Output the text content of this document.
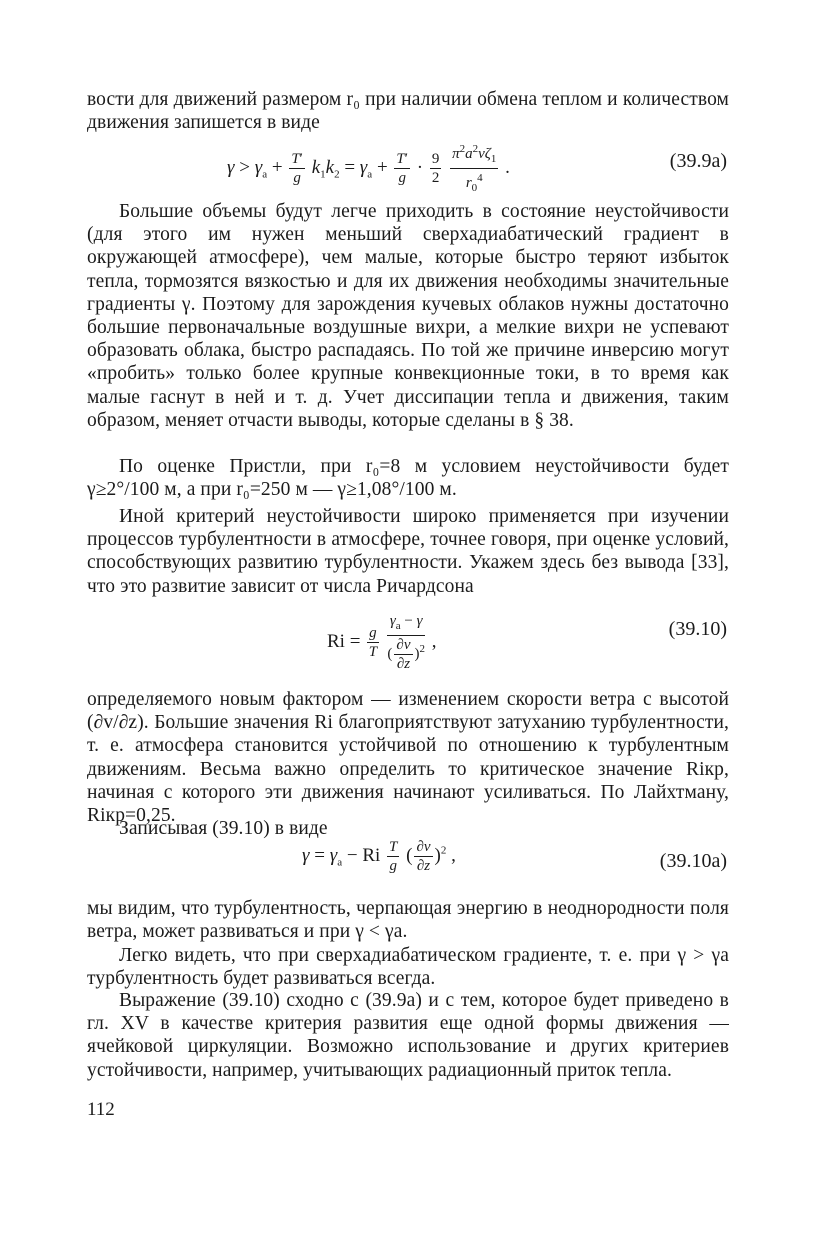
вости для движений размером r₀ при наличии обмена теплом и количеством движения запишется в виде
$\gamma > \gamma_a + \frac{T'}{g} k_1k_2 = \gamma_a + \frac{T'}{g} \cdot \frac{9}{2}$
$\frac{\pi^2a^2\nu\zeta_1}{r_0^4}$ .	(39.9а)
Большие объемы будут легче приходить в состояние неустойчивости (для этого им нужен меньший сверхадиабатический градиент в окружающей атмосфере), чем малые, которые быстро теряют избыток тепла, тормозятся вязкостью и для их движения необходимы значительные градиенты γ. Поэтому для зарождения кучевых облаков нужны достаточно большие первоначальные воздушные вихри, а мелкие вихри не успевают образовать облака, быстро распадаясь. По той же причине инверсию могут «пробить» только более крупные конвекционные токи, в то время как малые гаснут в ней и т. д. Учет диссипации тепла и движения, таким образом, меняет отчасти выводы, которые сделаны в § 38.
По оценке Пристли, при r₀=8 м условием неустойчивости будет γ≥2°/100 м, а при r₀=250 м — γ≥1,08°/100 м.
Иной критерий неустойчивости широко применяется при изучении процессов турбулентности в атмосфере, точнее говоря, при оценке условий, способствующих развитию турбулентности. Укажем здесь без вывода [33], что это развитие зависит от числа Ричардсона
$Ri = \frac{g}{T}$
$\frac{\gamma_a - \gamma}{( \frac{\partial v}{\partial z} )^2}$ ,
(39.10)
определяемого новым фактором — изменением скорости ветра с высотой (∂v/∂z). Большие значения Ri благоприятствуют затуханию турбулентности, т. е. атмосфера становится устойчивой по отношению к турбулентным движениям. Весьма важно определить то критическое значение Riкр, начиная с которого эти движения начинают усиливаться. По Лайхтману, Riкр=0,25.
Записывая (39.10) в виде
$\gamma = \gamma_a - Ri \frac{T}{g}$ ( $\frac{\partial v}{\partial z} )^2$ ,	(39.10а)
мы видим, что турбулентность, черпающая энергию в неоднородности поля ветра, может развиваться и при γ < γa.
Легко видеть, что при сверхадиабатическом градиенте, т. е. при γ > γa турбулентность будет развиваться всегда.
Выражение (39.10) сходно с (39.9а) и с тем, которое будет приведено в гл. XV в качестве критерия развития еще одной формы движения — ячейковой циркуляции. Возможно использование и других критериев устойчивости, например, учитывающих радиационный приток тепла.
112
